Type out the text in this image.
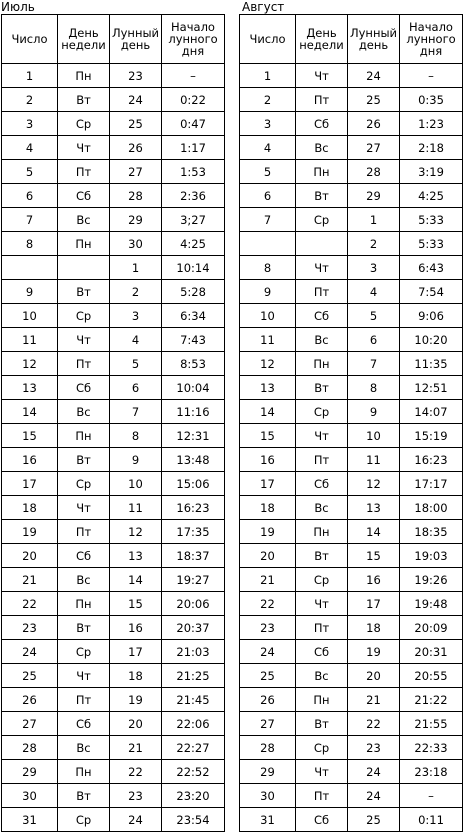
Июль
Число	День недели	Лунный день	Начало лунного дня
1	Пн	23	–
2	Вт	24	0:22
3	Ср	25	0:47
4	Чт	26	1:17
5	Пт	27	1:53
6	Сб	28	2:36
7	Вс	29	3;27
8	Пн	30	4:25
		1	10:14
9	Вт	2	5:28
10	Ср	3	6:34
11	Чт	4	7:43
12	Пт	5	8:53
13	Сб	6	10:04
14	Вс	7	11:16
15	Пн	8	12:31
16	Вт	9	13:48
17	Ср	10	15:06
18	Чт	11	16:23
19	Пт	12	17:35
20	Сб	13	18:37
21	Вс	14	19:27
22	Пн	15	20:06
23	Вт	16	20:37
24	Ср	17	21:03
25	Чт	18	21:25
26	Пт	19	21:45
27	Сб	20	22:06
28	Вс	21	22:27
29	Пн	22	22:52
30	Вт	23	23:20
31	Ср	24	23:54
Август
Число	День недели	Лунный день	Начало лунного дня
1	Чт	24	–
2	Пт	25	0:35
3	Сб	26	1:23
4	Вс	27	2:18
5	Пн	28	3:19
6	Вт	29	4:25
7	Ср	1	5:33
		2	5:33
8	Чт	3	6:43
9	Пт	4	7:54
10	Сб	5	9:06
11	Вс	6	10:20
12	Пн	7	11:35
13	Вт	8	12:51
14	Ср	9	14:07
15	Чт	10	15:19
16	Пт	11	16:23
17	Сб	12	17:17
18	Вс	13	18:00
19	Пн	14	18:35
20	Вт	15	19:03
21	Ср	16	19:26
22	Чт	17	19:48
23	Пт	18	20:09
24	Сб	19	20:31
25	Вс	20	20:55
26	Пн	21	21:22
27	Вт	22	21:55
28	Ср	23	22:33
29	Чт	24	23:18
30	Пт	24	–
31	Сб	25	0:11
